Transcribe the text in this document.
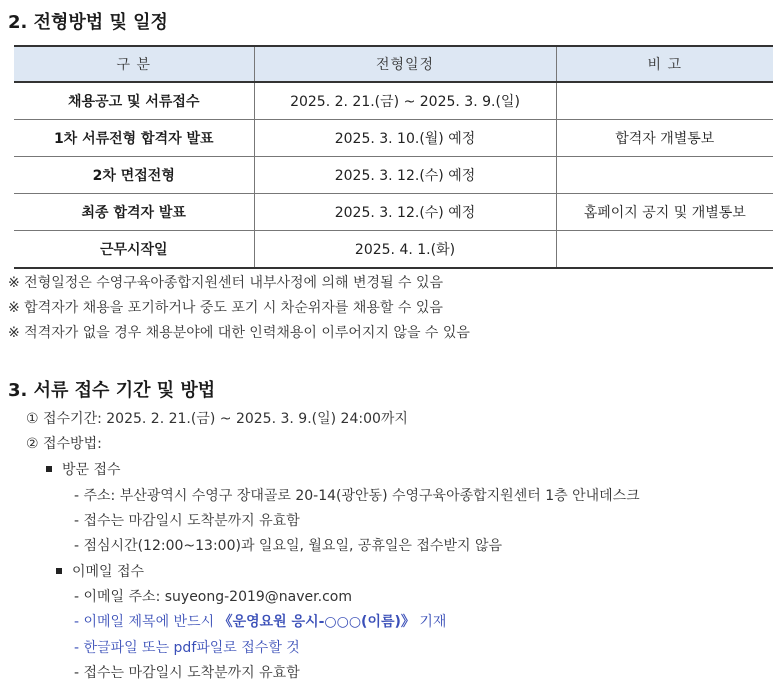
2. 전형방법 및 일정
구 분	전형일정	비 고
채용공고 및 서류접수	2025. 2. 21.(금) ~ 2025. 3. 9.(일)	
1차 서류전형 합격자 발표	2025. 3. 10.(월) 예정	합격자 개별통보
2차 면접전형	2025. 3. 12.(수) 예정	
최종 합격자 발표	2025. 3. 12.(수) 예정	홈페이지 공지 및 개별통보
근무시작일	2025. 4. 1.(화)	
※ 전형일정은 수영구육아종합지원센터 내부사정에 의해 변경될 수 있음
※ 합격자가 채용을 포기하거나 중도 포기 시 차순위자를 채용할 수 있음
※ 적격자가 없을 경우 채용분야에 대한 인력채용이 이루어지지 않을 수 있음
3. 서류 접수 기간 및 방법
① 접수기간: 2025. 2. 21.(금) ~ 2025. 3. 9.(일) 24:00까지
② 접수방법:
방문 접수
- 주소: 부산광역시 수영구 장대골로 20-14(광안동) 수영구육아종합지원센터 1층 안내데스크
- 접수는 마감일시 도착분까지 유효함
- 점심시간(12:00~13:00)과 일요일, 월요일, 공휴일은 접수받지 않음
이메일 접수
- 이메일 주소: suyeong-2019@naver.com
- 이메일 제목에 반드시 《운영요원 응시-○○○(이름)》 기재
- 한글파일 또는 pdf파일로 접수할 것
- 접수는 마감일시 도착분까지 유효함
